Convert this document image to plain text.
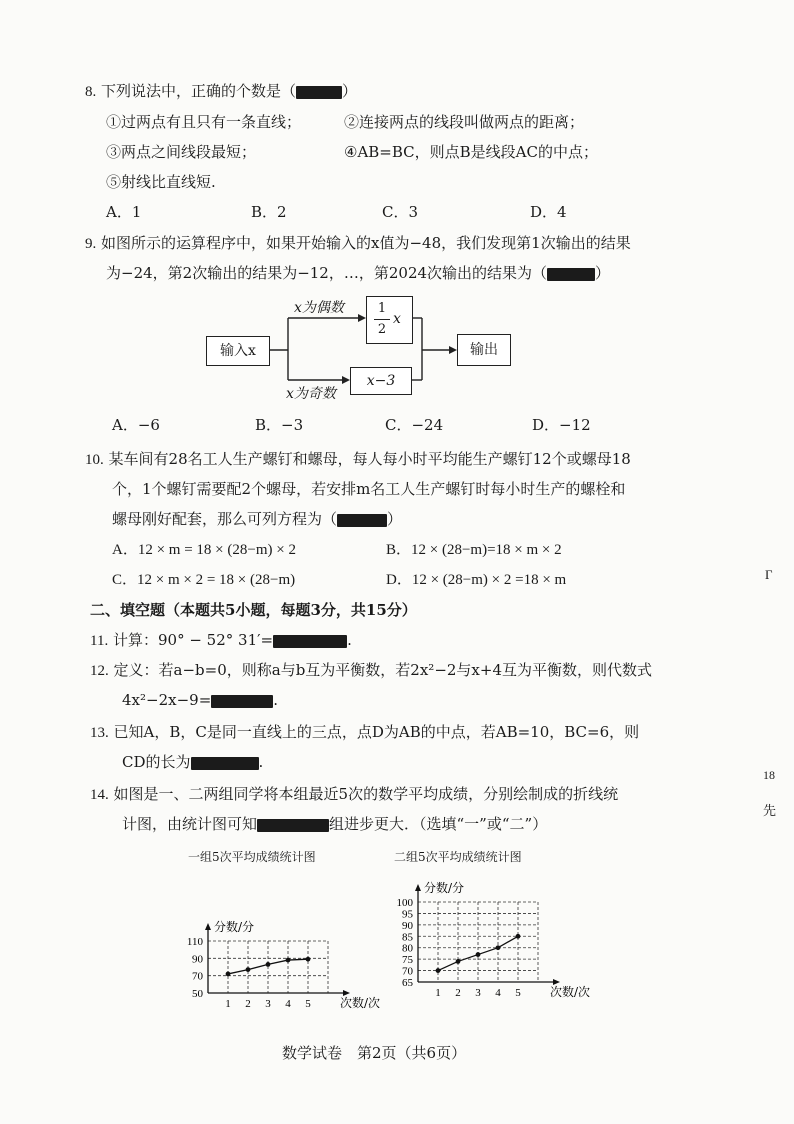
8. 下列说法中，正确的个数是（	）
①过两点有且只有一条直线；	②连接两点的线段叫做两点的距离；
③两点之间线段最短；	④AB=BC，则点B是线段AC的中点；
⑤射线比直线短.
A．1	B．2	C．3	D．4
9. 如图所示的运算程序中，如果开始输入的x值为−48，我们发现第1次输出的结果
为−24，第2次输出的结果为−12，…，第2024次输出的结果为（	）
输入x
x为偶数
x为奇数
1
2
x
x−3
输出
A．−6	B．−3	C．−24	D．−12
10. 某车间有28名工人生产螺钉和螺母，每人每小时平均能生产螺钉12个或螺母18
个，1个螺钉需要配2个螺母，若安排m名工人生产螺钉时每小时生产的螺栓和
螺母刚好配套，那么可列方程为（	）
A．12 × m = 18 × (28−m) × 2	B．12 × (28−m)=18 × m × 2
C．12 × m × 2 = 18 × (28−m)	D．12 × (28−m) × 2 =18 × m
二、填空题（本题共5小题，每题3分，共15分）
11. 计算：90° − 52° 31′=	.
12. 定义：若a−b=0，则称a与b互为平衡数，若2x²−2与x+4互为平衡数，则代数式
4x²−2x−9=	.
13. 已知A，B，C是同一直线上的三点，点D为AB的中点，若AB=10，BC=6，则
CD的长为	.
14. 如图是一、二两组同学将本组最近5次的数学平均成绩，分别绘制成的折线统
计图，由统计图可知	组进步更大．（选填“一”或“二”）
一组5次平均成绩统计图	二组5次平均成绩统计图
50
70
90
110
1 2 3 4 5
分数/分
次数/次
65
70
75
80
85
90
95
100
1 2 3 4 5
分数/分
次数/次
Γ
18
先
数学试卷　第2页（共6页）
